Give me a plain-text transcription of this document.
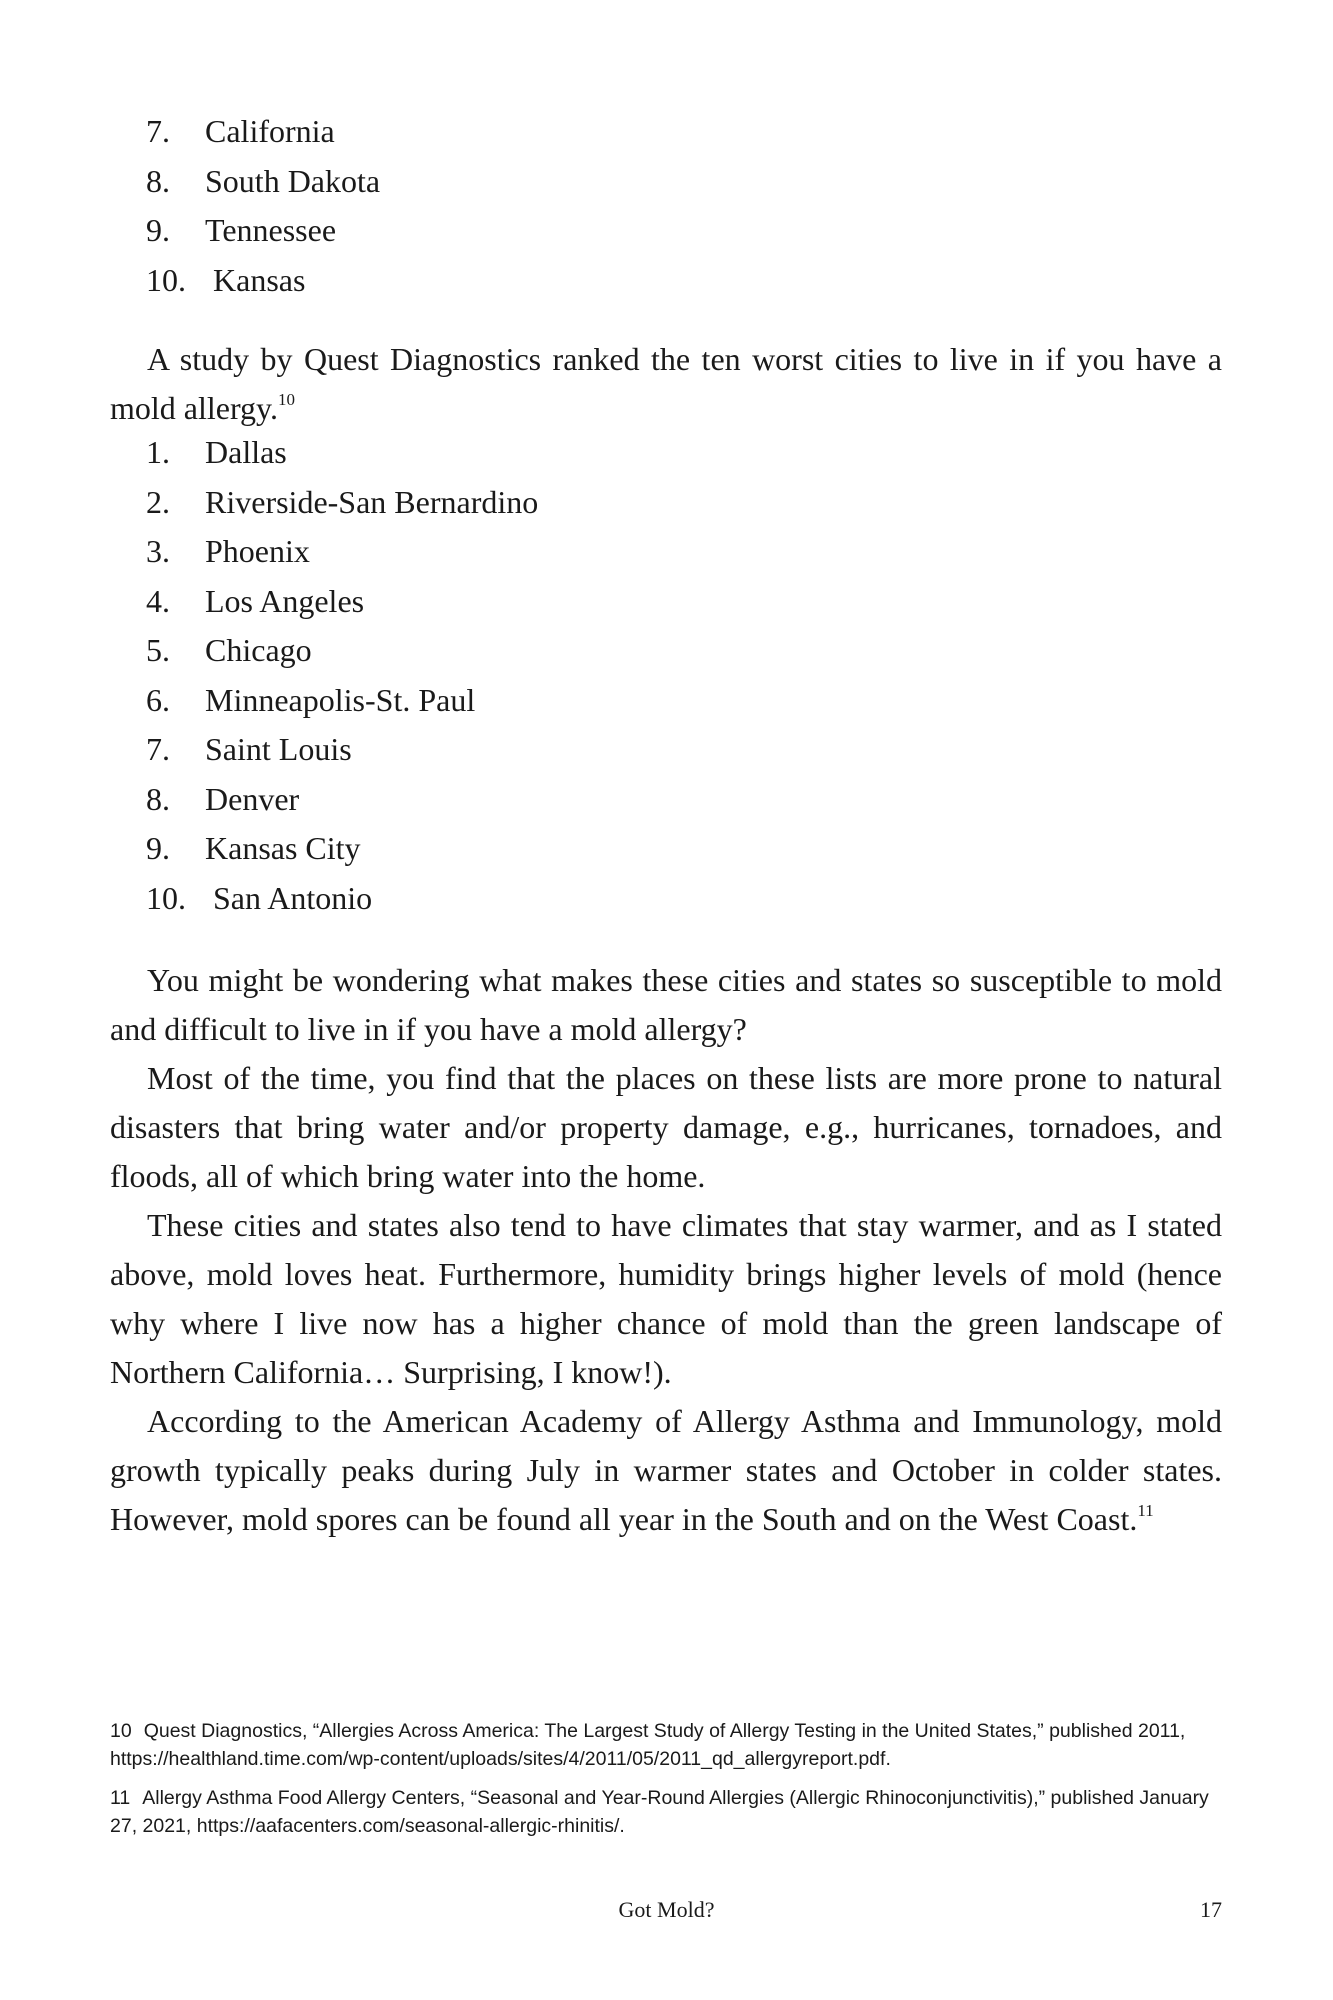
7. California
8. South Dakota
9. Tennessee
10. Kansas

A study by Quest Diagnostics ranked the ten worst cities to live in if you have a mold allergy.$^{10}$

1. Dallas
2. Riverside-San Bernardino
3. Phoenix
4. Los Angeles
5. Chicago
6. Minneapolis-St. Paul
7. Saint Louis
8. Denver
9. Kansas City
10. San Antonio

You might be wondering what makes these cities and states so susceptible to mold and difficult to live in if you have a mold allergy?

Most of the time, you find that the places on these lists are more prone to natural disasters that bring water and/or property damage, e.g., hurricanes, tornadoes, and floods, all of which bring water into the home.

These cities and states also tend to have climates that stay warmer, and as I stated above, mold loves heat. Furthermore, humidity brings higher levels of mold (hence why where I live now has a higher chance of mold than the green landscape of Northern California… Surprising, I know!).

According to the American Academy of Allergy Asthma and Immunology, mold growth typically peaks during July in warmer states and October in colder states. However, mold spores can be found all year in the South and on the West Coast.$^{11}$

10 Quest Diagnostics, “Allergies Across America: The Largest Study of Allergy Testing in the United States,” published 2011, https://healthland.time.com/wp-content/uploads/sites/4/2011/05/2011_qd_allergyreport.pdf.

11 Allergy Asthma Food Allergy Centers, “Seasonal and Year-Round Allergies (Allergic Rhinoconjunctivitis),” published January 27, 2021, https://aafacenters.com/seasonal-allergic-rhinitis/.

Got Mold?	17
